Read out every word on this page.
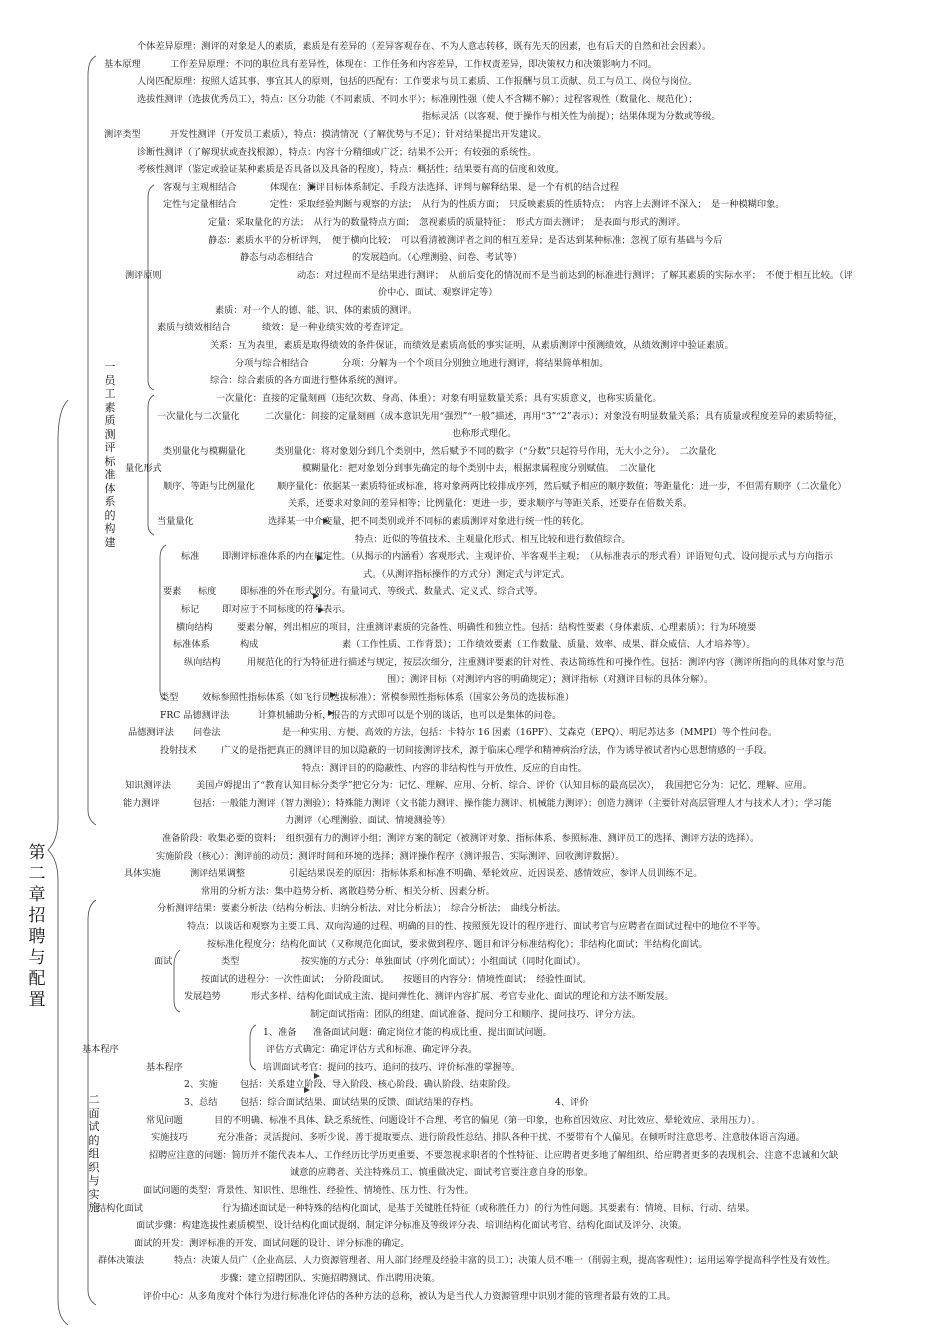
第二章招聘与配置
一员工素质测评标准体系的构建
二面试的组织与实施
个体差异原理：测评的对象是人的素质，素质是有差异的（差异客观存在、不为人意志转移，既有先天的因素，也有后天的自然和社会因素）。
基本原理	工作差异原理：不同的职位具有差异性，体现在：工作任务和内容差异，工作权责差异，即决策权力和决策影响力不同。
人岗匹配原理：按照人适其事、事宜其人的原则，包括的匹配有：工作要求与员工素质、工作报酬与员工贡献、员工与员工、岗位与岗位。
选拔性测评（选拔优秀员工），特点：区分功能（不同素质、不同水平）；标准刚性强（使人不含糊不解）；过程客观性（数量化、规范化）；
指标灵活（以客观、便于操作与相关性为前提）；结果体现为分数或等级。
测评类型	开发性测评（开发员工素质），特点：摸清情况（了解优势与不足）；针对结果提出开发建议。
诊断性测评（了解现状或查找根源），特点：内容十分精细或广泛；结果不公开；有较强的系统性。
考核性测评（鉴定或验证某种素质是否具备以及具备的程度），特点：概括性；结果要有高的信度和效度。
客观与主观相结合	体现在：测评目标体系制定、手段方法选择、评判与解释结果、是一个有机的结合过程
定性与定量相结合	定性：采取经验判断与观察的方法；　从行为的性质方面；　只反映素质的性质特点；　内容上去测评不深入；　是一种模糊印象。
定量：采取量化的方法；　从行为的数量特点方面；　忽视素质的质量特征；　形式方面去测评；　是表面与形式的测评。
静态：素质水平的分析评判，　便于横向比较；　可以看清被测评者之间的相互差异；是否达到某种标准；忽视了原有基础与今后
静态与动态相结合	的发展趋向。（心理测验、问卷、考试等）
测评原则	动态：对过程而不是结果进行测评；　从前后变化的情况而不是当前达到的标准进行测评；了解其素质的实际水平；　不便于相互比较。（评
价中心、面试、观察评定等）
素质：对一个人的德、能、识、体的素质的测评。
素质与绩效相结合	绩效：是一种业绩实效的考查评定。
关系：互为表里，素质是取得绩效的条件保证，而绩效是素质高低的事实证明，从素质测评中预测绩效，从绩效测评中验证素质。
分项与综合相结合	分项：分解为一个个项目分别独立地进行测评，将结果简单相加。
综合：综合素质的各方面进行整体系统的测评。
一次量化：直接的定量刻画（违纪次数、身高、体重）；对象有明显数量关系；具有实质意义，也称实质量化。
一次量化与二次量化	二次量化：间接的定量刻画（成本意识先用“强烈”“一般”描述，再用“3”“2”表示）；对象没有明显数量关系；具有质量或程度差异的素质特征，
也称形式理化。
类别量化与模糊量化	类别量化：将对象划分到几个类别中，然后赋予不同的数字（“分数”只起符号作用，无大小之分）。　二次量化
量化形式	模糊量化：把对象划分到事先确定的每个类别中去，根据隶属程度分别赋值。　二次量化
顺序、等距与比例量化 顺序量化：依据某一素质特征或标准，将对象两两比较排成序列，然后赋予相应的顺序数值；等距量化：进一步，不但需有顺序（二次量化）
关系，还要求对象间的差异相等；比例量化：更进一步，要求顺序与等距关系，还要存在倍数关系。
当量量化	选择某一中介变量，把不同类别或并不同标的素质测评对象进行统一性的转化。
特点：近似的等值技术、主观量化形式、相互比较和进行数值综合。
标准 即测评标准体系的内在规定性。（从揭示的内涵看）客观形式、主观评价、半客观半主观；　（从标准表示的形式看）评语短句式、设问提示式与方向指示
式。（从测评指标操作的方式分）测定式与评定式。
要素 标度	即标准的外在形式划分。有量词式、等级式、数量式、定义式、综合式等。
标记 即对应于不同标度的符号表示。
横向结构	要素分解，列出相应的项目，注重测评素质的完备性、明确性和独立性。包括：结构性要素（身体素质、心理素质）；行为环境要
标准体系	构成	素（工作性质、工作背景）；工作绩效要素（工作数量、质量、效率、成果、群众威信、人才培养等）。
纵向结构	用规范化的行为特征进行描述与规定，按层次细分，注重测评要素的针对性、表达简练性和可操作性。包括：测评内容（测评所指向的具体对象与范
围）；测评目标（对测评内容的明确规定）；测评指标（对测评目标的具体分解）。
类型	效标参照性指标体系（如飞行员选拔标准）；常模参照性指标体系（国家公务员的选拔标准）
FRC 品德测评法	计算机辅助分析，报告的方式即可以是个别的谈话，也可以是集体的问卷。
品德测评法 问卷法	是一种实用、方便、高效的方法，包括：卡特尔 16 因素（16PF）、艾森克（EPQ）、明尼苏达多（MMPI）等个性问卷。
投射技术	广义的是指把真正的测评目的加以隐蔽的一切间接测评技术，源于临床心理学和精神病治疗法，作为诱导被试者内心思想情感的一手段。
特点：测评目的的隐蔽性、内容的非结构性与开放性、反应的自由性。
知识测评法	美国卢姆提出了“教育认知目标分类学”把它分为：记忆、理解、应用、分析、综合、评价（认知目标的最高层次），　我国把它分为：记忆、理解、应用。
能力测评	包括：一般能力测评（智力测验）；特殊能力测评（文书能力测评、操作能力测评、机械能力测评）；创造力测评（主要针对高层管理人才与技术人才）；学习能
力测评（心理测验、面试、情境测验等）
准备阶段：收集必要的资料；　组织强有力的测评小组；测评方案的制定（被测评对象、指标体系、参照标准、测评员工的选择、测评方法的选择）。
实施阶段（核心）：测评前的动员；测评时间和环境的选择；测评操作程序（测评报告、实际测评、回收测评数据）。
具体实施	测评结果调整	引起结果误差的原因：指标体系和标准不明确、晕轮效应、近因误差、感情效应、参评人员训练不足。
常用的分析方法：集中趋势分析、离散趋势分析、相关分析、因素分析。
分析测评结果：要素分析法（结构分析法、归纳分析法、对比分析法）；　综合分析法；　曲线分析法。
特点：以谈话和观察为主要工具、双向沟通的过程、明确的目的性、按照预先设计的程序进行、面试考官与应聘者在面试过程中的地位不平等。
按标准化程度分：结构化面试（又称规范化面试，要求做到程序、题目和评分标准结构化）；非结构化面试；半结构化面试。
面试	类型	按实施的方式分：单独面试（序列化面试）；小组面试（同时化面试）。
按面试的进程分：一次性面试；　分阶段面试。　　按题目的内容分：情境性面试；　经验性面试。
发展趋势	形式多样、结构化面试成主流、提问弹性化、测评内容扩展、考官专业化、面试的理论和方法不断发展。
制定面试指南：团队的组建、面试准备、提问分工和顺序、提问技巧、评分方法。
1、准备 准备面试问题：确定岗位才能的构成比重、提出面试问题。
评估方式确定：确定评估方式和标准、确定评分表。
基本程序
培训面试考官：提问的技巧、追问的技巧、评价标准的掌握等。
基本程序
2、实施 包括：关系建立阶段、导入阶段、核心阶段、确认阶段、结束阶段。
3、总结 包括：综合面试结果、面试结果的反馈、面试结果的存档。	4、评价
常见问题	目的不明确、标准不具体、缺乏系统性、问题设计不合理、考官的偏见（第一印象，也称首因效应、对比效应、晕轮效应、录用压力）。
实施技巧	充分准备；灵活提问、多听少说、善于提取要点、进行阶段性总结、排队各种干扰、不要带有个人偏见。在倾听时注意思考、注意肢体语言沟通。
招聘应注意的问题：简历并不能代表本人、工作经历比学历更重要、不要忽视求职者的个性特征、让应聘者更多地了解组织、给应聘者更多的表现机会、注意不忠诚和欠缺
诚意的应聘者、关注特殊员工、慎重做决定、面试考官要注意自身的形象。
面试问题的类型：背景性、知识性、思维性、经验性、情境性、压力性、行为性。
结构化面试	行为描述面试是一种特殊的结构化面试，是基于关键胜任特征（或称胜任力）的行为性问题。其要素有：情境、目标、行动、结果。
面试步骤：构建选拔性素质模型、设计结构化面试提纲、制定评分标准及等级评分表、培训结构化面试考官、结构化面试及评分、决策。
面试的开发：测评标准的开发、面试问题的设计、评分标准的确定。
群体决策法	特点：决策人员广（企业高层、人力资源管理者、用人部门经理及经验丰富的员工）；决策人员不唯一（削弱主观，提高客观性）；运用运筹学提高科学性及有效性。
步骤：建立招聘团队、实施招聘测试、作出聘用决策。
评价中心：从多角度对个体行为进行标准化评估的各种方法的总称，被认为是当代人力资源管理中识别才能的管理者最有效的工具。
